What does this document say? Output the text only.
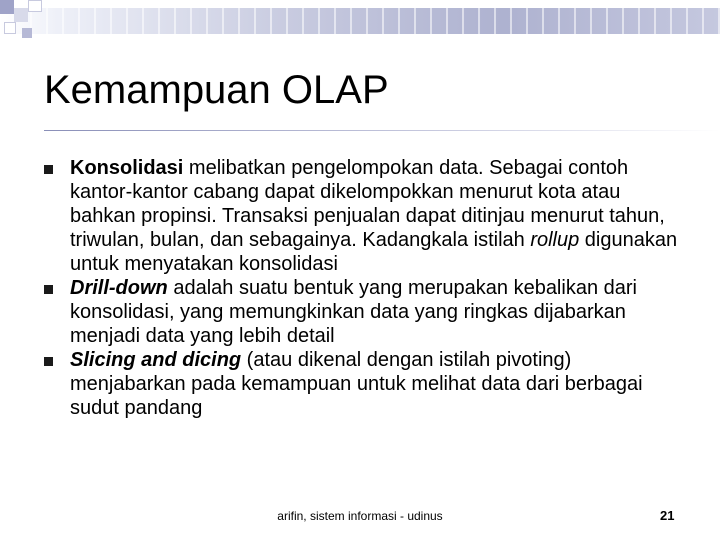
Kemampuan OLAP
Konsolidasi melibatkan pengelompokan data. Sebagai contoh kantor-kantor cabang dapat dikelompokkan menurut kota atau bahkan propinsi. Transaksi penjualan dapat ditinjau menurut tahun, triwulan, bulan, dan sebagainya. Kadangkala istilah rollup digunakan untuk menyatakan konsolidasi
Drill-down adalah suatu bentuk yang merupakan kebalikan dari konsolidasi, yang memungkinkan data yang ringkas dijabarkan menjadi data yang lebih detail
Slicing and dicing (atau dikenal dengan istilah pivoting) menjabarkan pada kemampuan untuk melihat data dari berbagai sudut pandang
arifin, sistem informasi - udinus	21
